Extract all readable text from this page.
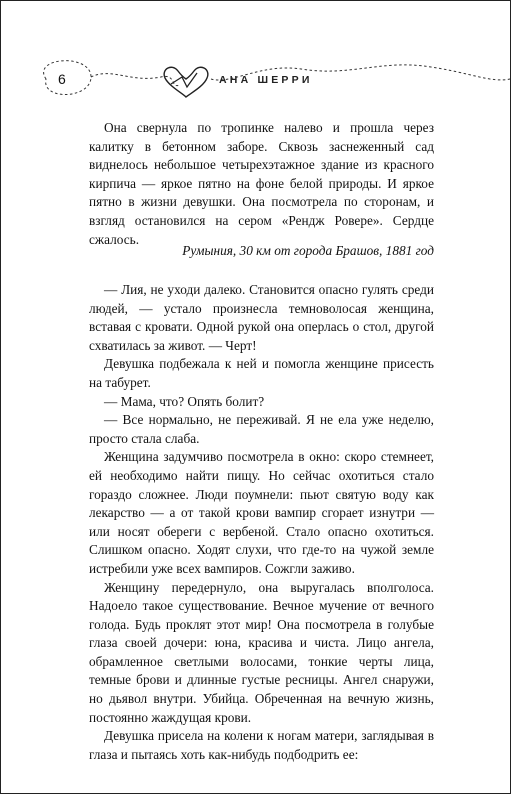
6	АНА ШЕРРИ

Она свернула по тропинке налево и прошла через калитку в бетонном заборе. Сквозь заснеженный сад виднелось небольшое четырехэтажное здание из красного кирпича — яркое пятно на фоне белой природы. И яркое пятно в жизни девушки. Она посмотрела по сторонам, и взгляд остановился на сером «Рендж Ровере». Сердце сжалось.

Румыния, 30 км от города Брашов, 1881 год

— Лия, не уходи далеко. Становится опасно гулять среди людей, — устало произнесла темноволосая женщина, вставая с кровати. Одной рукой она оперлась о стол, другой схватилась за живот. — Черт!

Девушка подбежала к ней и помогла женщине присесть на табурет.

— Мама, что? Опять болит?

— Все нормально, не переживай. Я не ела уже неделю, просто стала слаба.

Женщина задумчиво посмотрела в окно: скоро стемнеет, ей необходимо найти пищу. Но сейчас охотиться стало гораздо сложнее. Люди поумнели: пьют святую воду как лекарство — а от такой крови вампир сгорает изнутри — или носят обереги с вербеной. Стало опасно охотиться. Слишком опасно. Ходят слухи, что где-то на чужой земле истребили уже всех вампиров. Сожгли заживо.

Женщину передернуло, она выругалась вполголоса. Надоело такое существование. Вечное мучение от вечного голода. Будь проклят этот мир! Она посмотрела в голубые глаза своей дочери: юна, красива и чиста. Лицо ангела, обрамленное светлыми волосами, тонкие черты лица, темные брови и длинные густые ресницы. Ангел снаружи, но дьявол внутри. Убийца. Обреченная на вечную жизнь, постоянно жаждущая крови.

Девушка присела на колени к ногам матери, заглядывая в глаза и пытаясь хоть как-нибудь подбодрить ее:
